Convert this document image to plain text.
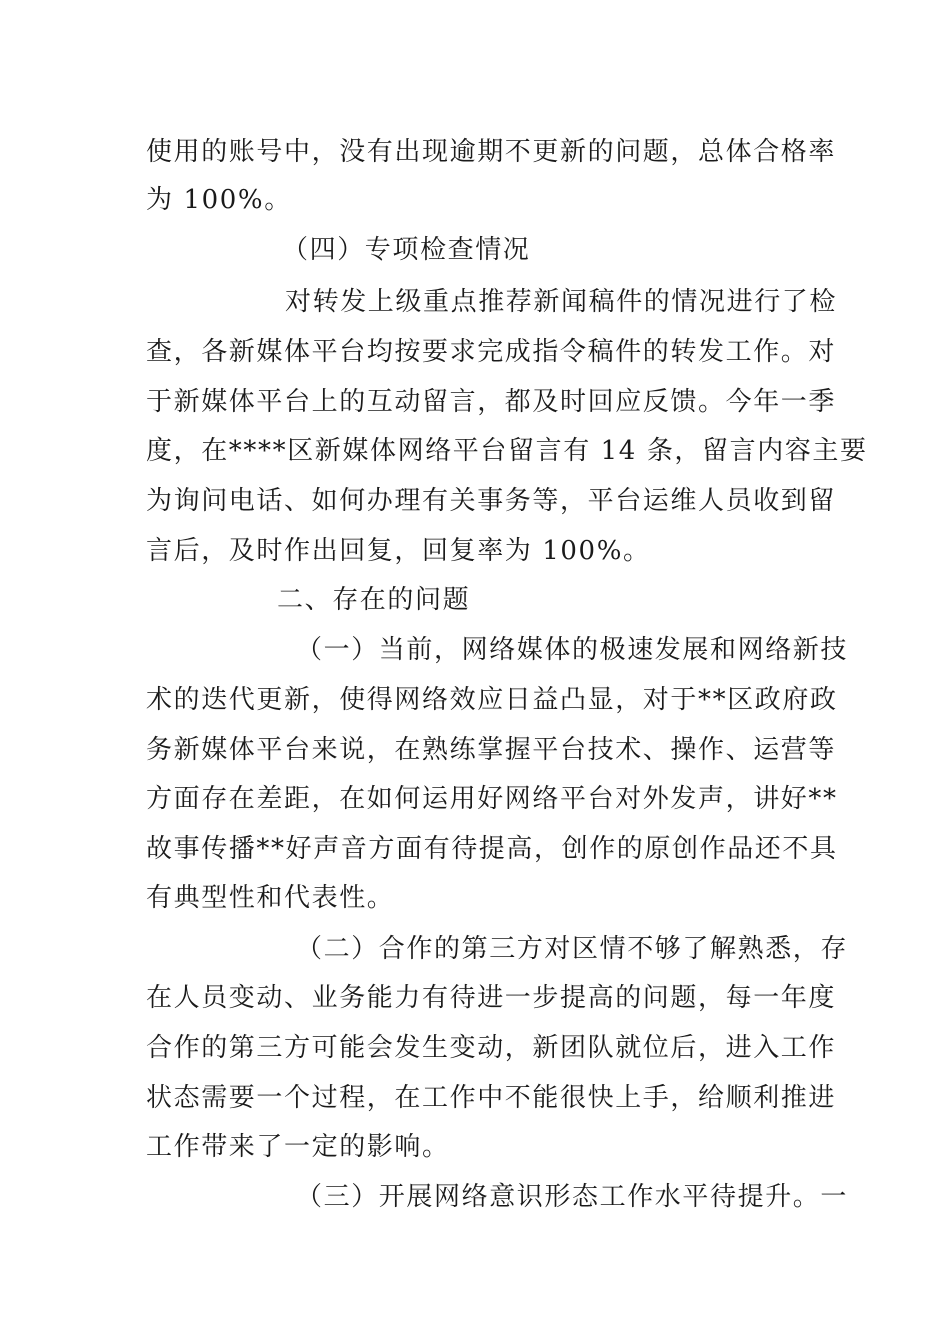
使用的账号中，没有出现逾期不更新的问题，总体合格率
为 100%。
（四）专项检查情况
对转发上级重点推荐新闻稿件的情况进行了检
查，各新媒体平台均按要求完成指令稿件的转发工作。对
于新媒体平台上的互动留言，都及时回应反馈。今年一季
度，在****区新媒体网络平台留言有 14 条，留言内容主要
为询问电话、如何办理有关事务等，平台运维人员收到留
言后，及时作出回复，回复率为 100%。
二、存在的问题
（一）当前，网络媒体的极速发展和网络新技
术的迭代更新，使得网络效应日益凸显，对于**区政府政
务新媒体平台来说，在熟练掌握平台技术、操作、运营等
方面存在差距，在如何运用好网络平台对外发声，讲好**
故事传播**好声音方面有待提高，创作的原创作品还不具
有典型性和代表性。
（二）合作的第三方对区情不够了解熟悉，存
在人员变动、业务能力有待进一步提高的问题，每一年度
合作的第三方可能会发生变动，新团队就位后，进入工作
状态需要一个过程，在工作中不能很快上手，给顺利推进
工作带来了一定的影响。
（三）开展网络意识形态工作水平待提升。一
